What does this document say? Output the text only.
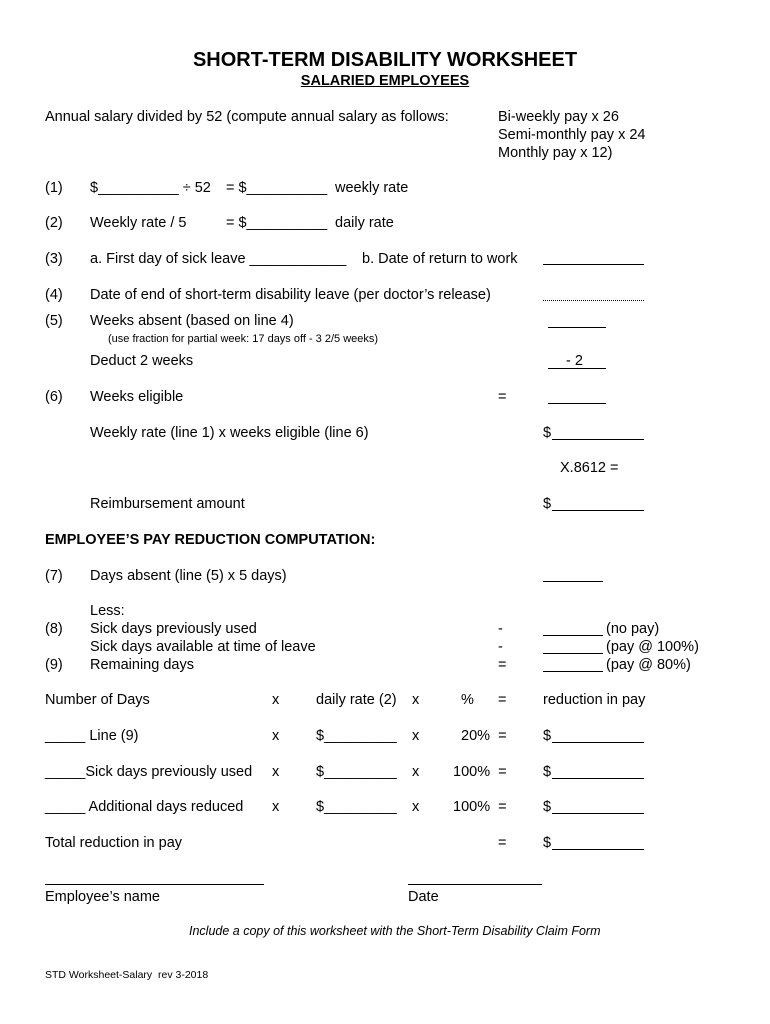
SHORT-TERM DISABILITY WORKSHEET
SALARIED EMPLOYEES
Annual salary divided by 52 (compute annual salary as follows:	Bi-weekly pay x 26
Semi-monthly pay x 24
Monthly pay x 12)
(1) $__________ ÷ 52 = $__________ weekly rate
(2) Weekly rate / 5	= $__________ daily rate
(3) a. First day of sick leave ____________ b. Date of return to work
(4) Date of end of short-term disability leave (per doctor’s release)
(5) Weeks absent (based on line 4)
(use fraction for partial week: 17 days off - 3 2/5 weeks)
Deduct 2 weeks	- 2
(6) Weeks eligible	=
Weekly rate (line 1) x weeks eligible (line 6)	$
X.8612 =
Reimbursement amount	$
EMPLOYEE’S PAY REDUCTION COMPUTATION:
(7) Days absent (line (5) x 5 days)
Less:
(8) Sick days previously used	-	(no pay)
Sick days available at time of leave	-	(pay @ 100%)
(9) Remaining days	=	(pay @ 80%)
Number of Days	x	daily rate (2) x	% =	reduction in pay
_____ Line (9)	x	$_________ x	20%  =	$
_____Sick days previously used x	$_________ x 100%  =	$
_____ Additional days reduced x	$_________ x 100%  =	$
Total reduction in pay	=	$
Employee’s name	Date
Include a copy of this worksheet with the Short-Term Disability Claim Form
STD Worksheet-Salary  rev 3-2018
